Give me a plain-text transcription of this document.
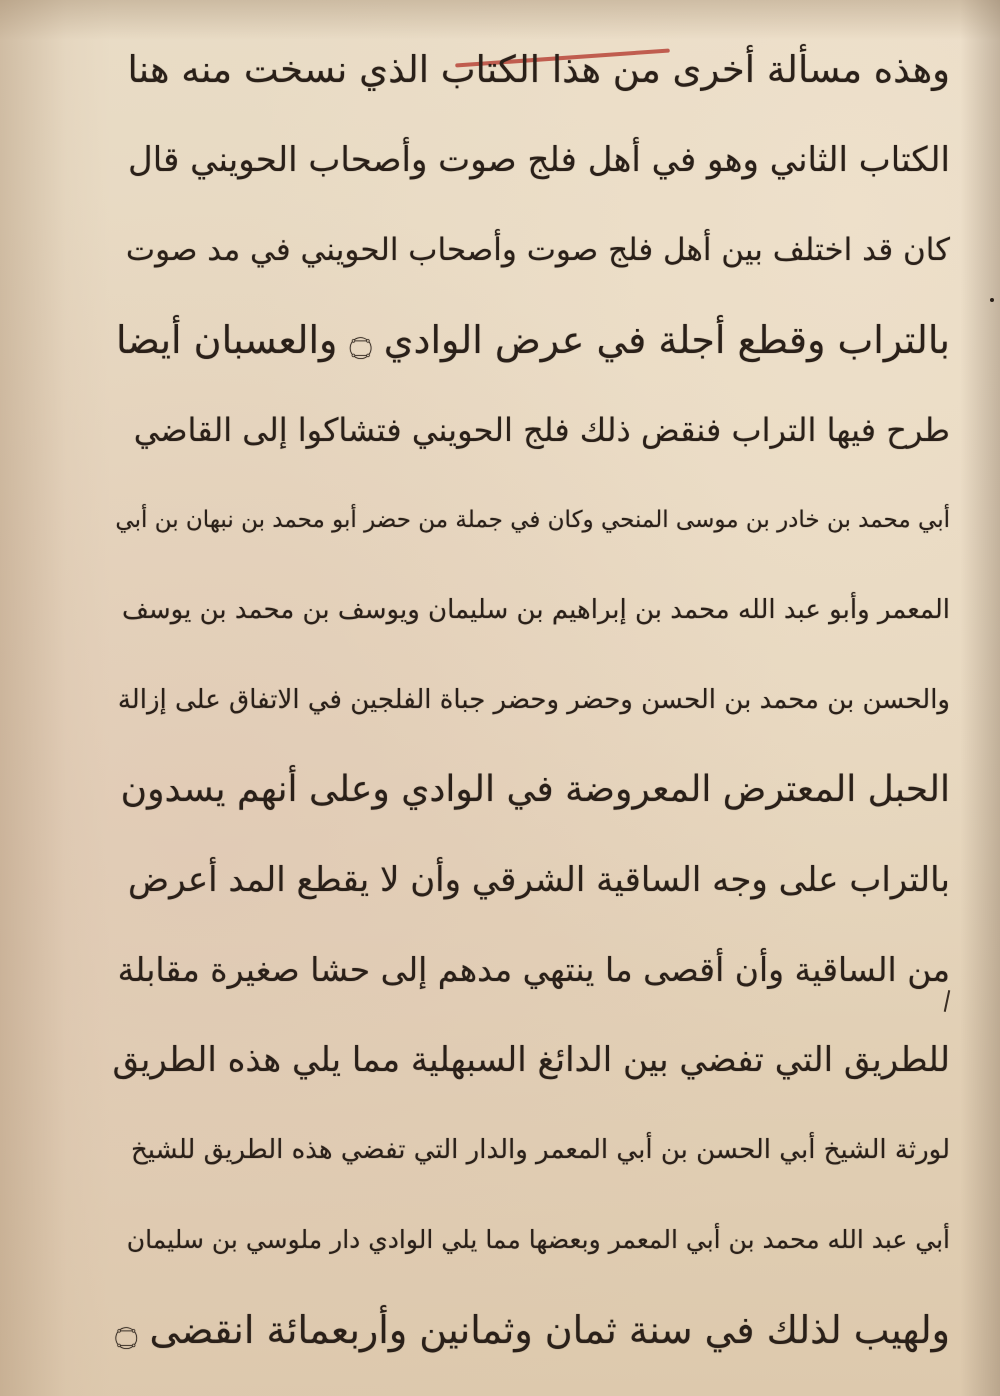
وهذه مسألة أخرى من هذا الكتاب الذي نسخت منه هنا
الكتاب الثاني وهو في أهل فلج صوت وأصحاب الحويني قال
كان قد اختلف بين أهل فلج صوت وأصحاب الحويني في مد صوت
بالتراب وقطع أجلة في عرض الوادي ۝ والعسبان أيضا
طرح فيها التراب فنقض ذلك فلج الحويني فتشاكوا إلى القاضي
أبي محمد بن خادر بن موسى المنحي وكان في جملة من حضر أبو محمد بن نبهان بن أبي
المعمر وأبو عبد الله محمد بن إبراهيم بن سليمان ويوسف بن محمد بن يوسف
والحسن بن محمد بن الحسن وحضر وحضر جباة الفلجين في الاتفاق على إزالة
الحبل المعترض المعروضة في الوادي وعلى أنهم يسدون
بالتراب على وجه الساقية الشرقي وأن لا يقطع المد أعرض
من الساقية وأن أقصى ما ينتهي مدهم إلى حشا صغيرة مقابلة
للطريق التي تفضي بين الدائغ السبهلية مما يلي هذه الطريق
لورثة الشيخ أبي الحسن بن أبي المعمر والدار التي تفضي هذه الطريق للشيخ
أبي عبد الله محمد بن أبي المعمر وبعضها مما يلي الوادي دار ملوسي بن سليمان
ولهيب لذلك في سنة ثمان وثمانين وأربعمائة انقضى ۝
